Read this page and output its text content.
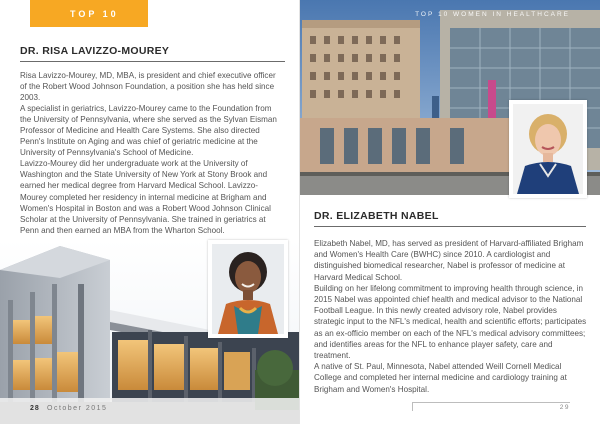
TOP 10
DR. RISA LAVIZZO-MOUREY

Risa Lavizzo-Mourey, MD, MBA, is president and chief executive officer of the Robert Wood Johnson Foundation, a position she has held since 2003.

A specialist in geriatrics, Lavizzo-Mourey came to the Foundation from the University of Pennsylvania, where she served as the Sylvan Eisman Professor of Medicine and Health Care Systems. She also directed Penn's Institute on Aging and was chief of geriatric medicine at the University of Pennsylvania's School of Medicine.

Lavizzo-Mourey did her undergraduate work at the University of Washington and the State University of New York at Stony Brook and earned her medical degree from Harvard Medical School. Lavizzo-Mourey completed her residency in internal medicine at Brigham and Women's Hospital in Boston and was a Robert Wood Johnson Clinical Scholar at the University of Pennsylvania. She trained in geriatrics at Penn and then earned an MBA from the Wharton School.

28 October 2015
TOP 10 WOMEN IN HEALTHCARE
DR. ELIZABETH NABEL

Elizabeth Nabel, MD, has served as president of Harvard-affiliated Brigham and Women's Health Care (BWHC) since 2010. A cardiologist and distinguished biomedical researcher, Nabel is professor of medicine at Harvard Medical School.

Building on her lifelong commitment to improving health through science, in 2015 Nabel was appointed chief health and medical advisor to the National Football League. In this newly created advisory role, Nabel provides strategic input to the NFL's medical, health and scientific efforts; participates as an ex-officio member on each of the NFL's medical advisory committees; and identifies areas for the NFL to enhance player safety, care and treatment.

A native of St. Paul, Minnesota, Nabel attended Weill Cornell Medical College and completed her internal medicine and cardiology training at Brigham and Women's Hospital.

29
